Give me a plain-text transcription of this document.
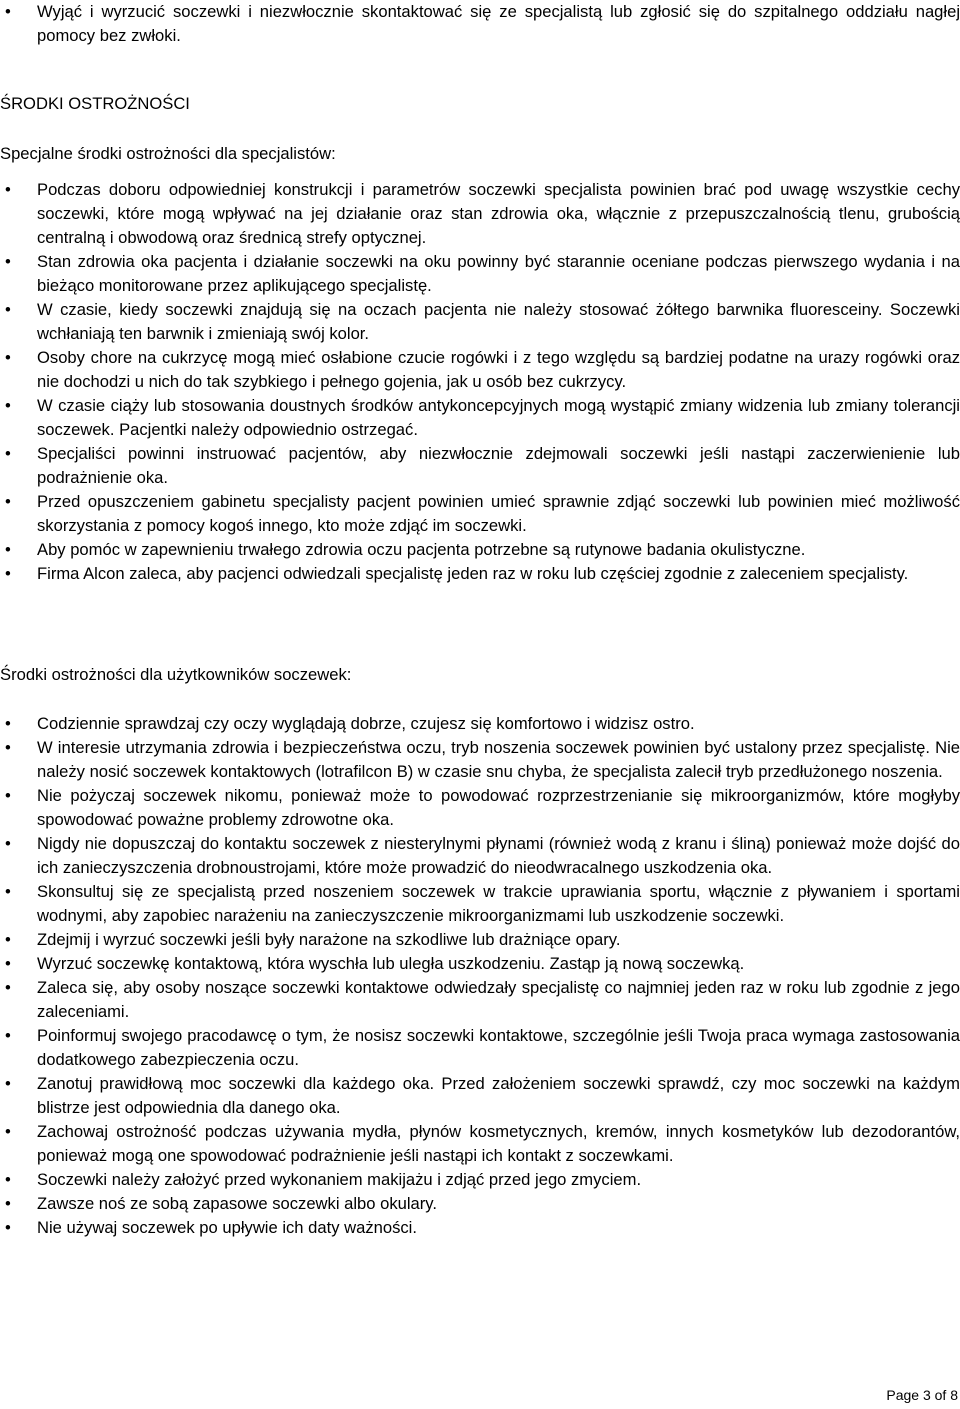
• Wyjąć i wyrzucić soczewki i niezwłocznie skontaktować się ze specjalistą lub zgłosić się do szpitalnego oddziału nagłej pomocy bez zwłoki.
ŚRODKI OSTROŻNOŚCI

Specjalne środki ostrożności dla specjalistów:

• Podczas doboru odpowiedniej konstrukcji i parametrów soczewki specjalista powinien brać pod uwagę wszystkie cechy soczewki, które mogą wpływać na jej działanie oraz stan zdrowia oka, włącznie z przepuszczalnością tlenu, grubością centralną i obwodową oraz średnicą strefy optycznej.
• Stan zdrowia oka pacjenta i działanie soczewki na oku powinny być starannie oceniane podczas pierwszego wydania i na bieżąco monitorowane przez aplikującego specjalistę.
• W czasie, kiedy soczewki znajdują się na oczach pacjenta nie należy stosować żółtego barwnika fluoresceiny. Soczewki wchłaniają ten barwnik i zmieniają swój kolor.
• Osoby chore na cukrzycę mogą mieć osłabione czucie rogówki i z tego względu są bardziej podatne na urazy rogówki oraz nie dochodzi u nich do tak szybkiego i pełnego gojenia, jak u osób bez cukrzycy.
• W czasie ciąży lub stosowania doustnych środków antykoncepcyjnych mogą wystąpić zmiany widzenia lub zmiany tolerancji soczewek. Pacjentki należy odpowiednio ostrzegać.
• Specjaliści powinni instruować pacjentów, aby niezwłocznie zdejmowali soczewki jeśli nastąpi zaczerwienienie lub podrażnienie oka.
• Przed opuszczeniem gabinetu specjalisty pacjent powinien umieć sprawnie zdjąć soczewki lub powinien mieć możliwość skorzystania z pomocy kogoś innego, kto może zdjąć im soczewki.
• Aby pomóc w zapewnieniu trwałego zdrowia oczu pacjenta potrzebne są rutynowe badania okulistyczne.
• Firma Alcon zaleca, aby pacjenci odwiedzali specjalistę jeden raz w roku lub częściej zgodnie z zaleceniem specjalisty.

Środki ostrożności dla użytkowników soczewek:

• Codziennie sprawdzaj czy oczy wyglądają dobrze, czujesz się komfortowo i widzisz ostro.
• W interesie utrzymania zdrowia i bezpieczeństwa oczu, tryb noszenia soczewek powinien być ustalony przez specjalistę. Nie należy nosić soczewek kontaktowych (lotrafilcon B) w czasie snu chyba, że specjalista zalecił tryb przedłużonego noszenia.
• Nie pożyczaj soczewek nikomu, ponieważ może to powodować rozprzestrzenianie się mikroorganizmów, które mogłyby spowodować poważne problemy zdrowotne oka.
• Nigdy nie dopuszczaj do kontaktu soczewek z niesterylnymi płynami (również wodą z kranu i śliną) ponieważ może dojść do ich zanieczyszczenia drobnoustrojami, które może prowadzić do nieodwracalnego uszkodzenia oka.
• Skonsultuj się ze specjalistą przed noszeniem soczewek w trakcie uprawiania sportu, włącznie z pływaniem i sportami wodnymi, aby zapobiec narażeniu na zanieczyszczenie mikroorganizmami lub uszkodzenie soczewki.
• Zdejmij i wyrzuć soczewki jeśli były narażone na szkodliwe lub drażniące opary.
• Wyrzuć soczewkę kontaktową, która wyschła lub uległa uszkodzeniu. Zastąp ją nową soczewką.
• Zaleca się, aby osoby noszące soczewki kontaktowe odwiedzały specjalistę co najmniej jeden raz w roku lub zgodnie z jego zaleceniami.
• Poinformuj swojego pracodawcę o tym, że nosisz soczewki kontaktowe, szczególnie jeśli Twoja praca wymaga zastosowania dodatkowego zabezpieczenia oczu.
• Zanotuj prawidłową moc soczewki dla każdego oka. Przed założeniem soczewki sprawdź, czy moc soczewki na każdym blistrze jest odpowiednia dla danego oka.
• Zachowaj ostrożność podczas używania mydła, płynów kosmetycznych, kremów, innych kosmetyków lub dezodorantów, ponieważ mogą one spowodować podrażnienie jeśli nastąpi ich kontakt z soczewkami.
• Soczewki należy założyć przed wykonaniem makijażu i zdjąć przed jego zmyciem.
• Zawsze noś ze sobą zapasowe soczewki albo okulary.
• Nie używaj soczewek po upływie ich daty ważności.
Page 3 of 8
